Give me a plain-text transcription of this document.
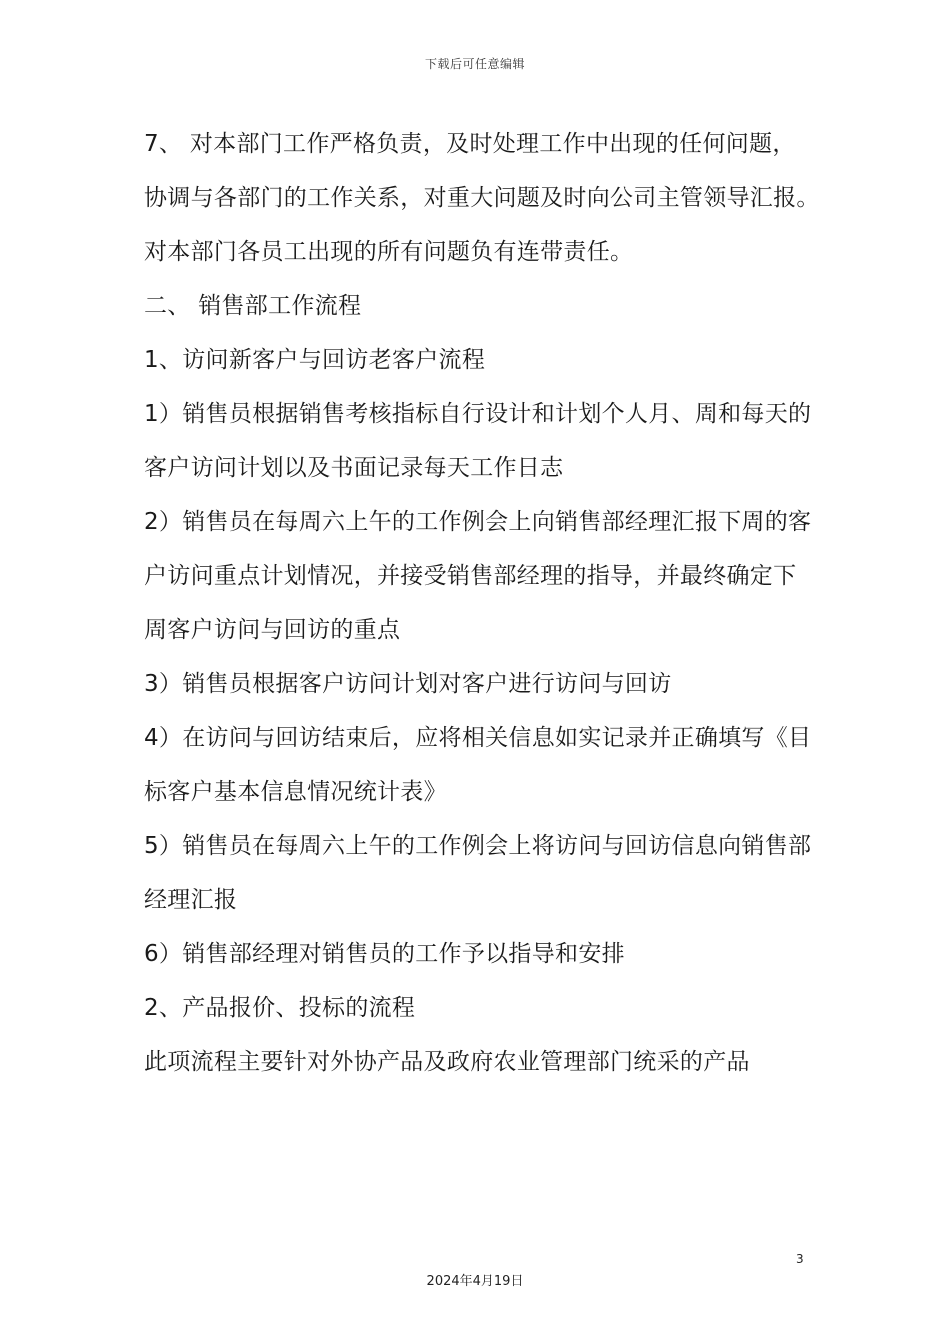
下载后可任意编辑
7、 对本部门工作严格负责，及时处理工作中出现的任何问题，
协调与各部门的工作关系，对重大问题及时向公司主管领导汇报。
对本部门各员工出现的所有问题负有连带责任。
二、 销售部工作流程
1、访问新客户与回访老客户流程
1）销售员根据销售考核指标自行设计和计划个人月、周和每天的
客户访问计划以及书面记录每天工作日志
2）销售员在每周六上午的工作例会上向销售部经理汇报下周的客
户访问重点计划情况，并接受销售部经理的指导，并最终确定下
周客户访问与回访的重点
3）销售员根据客户访问计划对客户进行访问与回访
4）在访问与回访结束后，应将相关信息如实记录并正确填写《目
标客户基本信息情况统计表》
5）销售员在每周六上午的工作例会上将访问与回访信息向销售部
经理汇报
6）销售部经理对销售员的工作予以指导和安排
2、产品报价、投标的流程
此项流程主要针对外协产品及政府农业管理部门统采的产品
3
2024年4月19日
